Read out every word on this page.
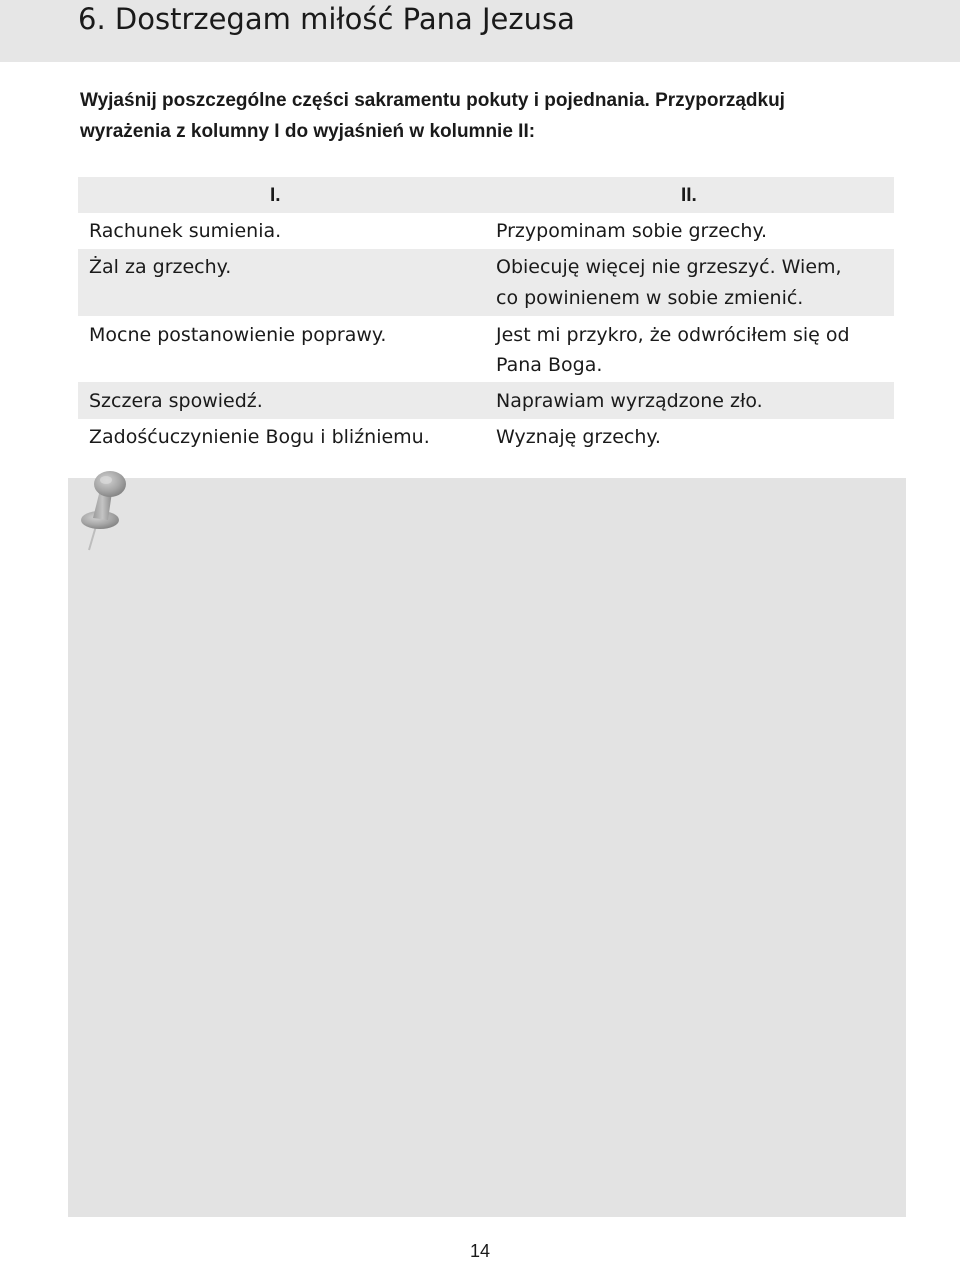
6. Dostrzegam miłość Pana Jezusa
Wyjaśnij poszczególne części sakramentu pokuty i pojednania. Przyporządkuj
wyrażenia z kolumny I do wyjaśnień w kolumnie II:
I.	II.
Rachunek sumienia.	Przypominam sobie grzechy.
Żal za grzechy.	Obiecuję więcej nie grzeszyć. Wiem,
co powinienem w sobie zmienić.
Mocne postanowienie poprawy.	Jest mi przykro, że odwróciłem się od
Pana Boga.
Szczera spowiedź.	Naprawiam wyrządzone zło.
Zadośćuczynienie Bogu i bliźniemu.	Wyznaję grzechy.
14
